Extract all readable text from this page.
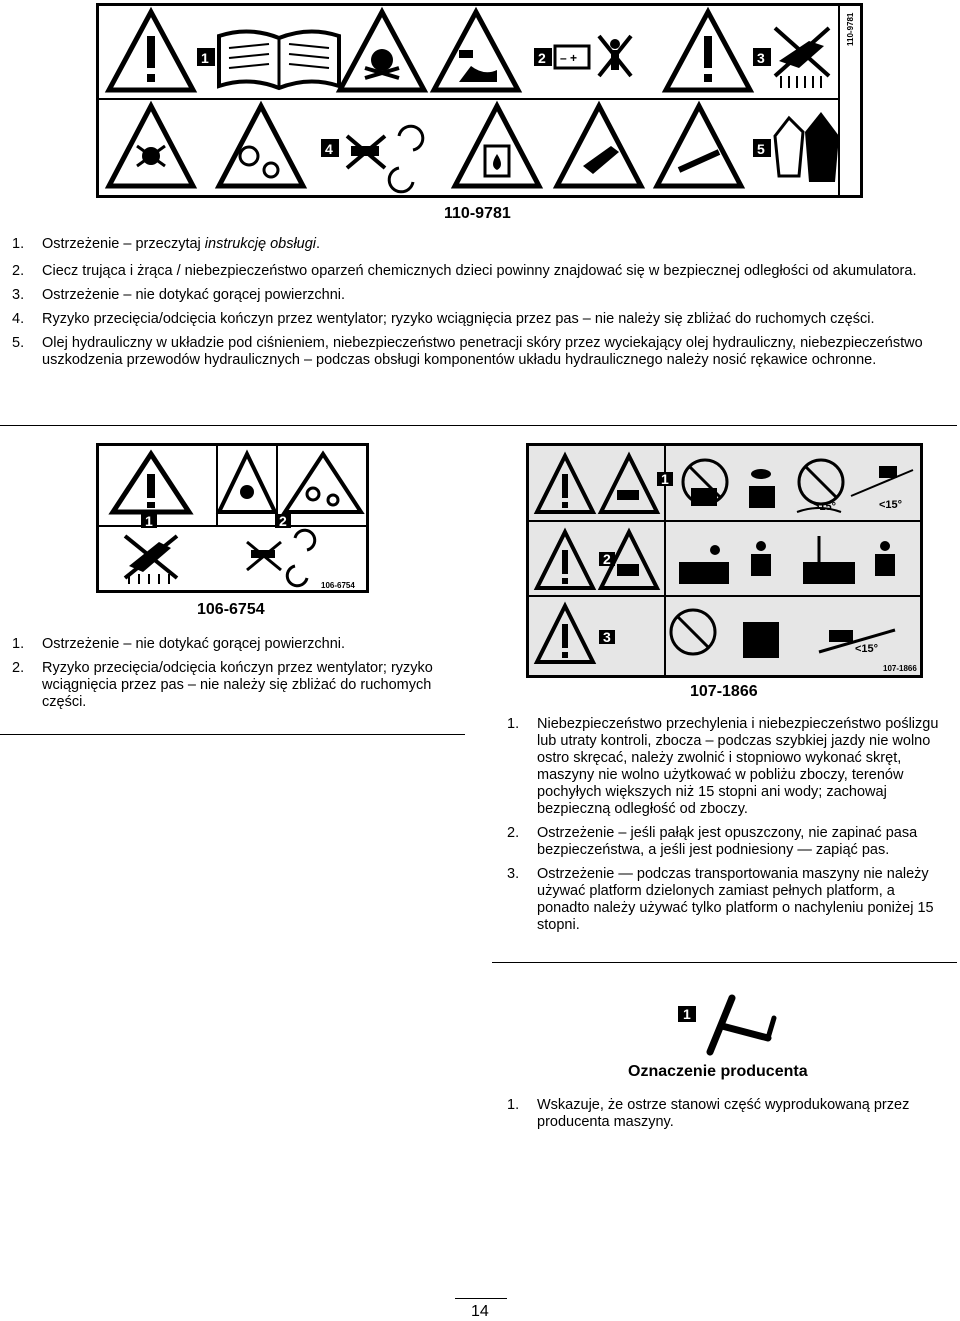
1	2 – +	3
110-9781
4	5
110-9781
1. Ostrzeżenie – przeczytaj instrukcję obsługi.
2. Ciecz trująca i żrąca / niebezpieczeństwo oparzeń chemicznych dzieci powinny znajdować się w bezpiecznej odległości od akumulatora.
3. Ostrzeżenie – nie dotykać gorącej powierzchni.
4. Ryzyko przecięcia/odcięcia kończyn przez wentylator; ryzyko wciągnięcia przez pas – nie należy się zbliżać do ruchomych części.
5. Olej hydrauliczny w układzie pod ciśnieniem, niebezpieczeństwo penetracji skóry przez wyciekający olej hydrauliczny, niebezpieczeństwo uszkodzenia przewodów hydraulicznych – podczas obsługi komponentów układu hydraulicznego należy nosić rękawice ochronne.
1	2
106-6754
106-6754
1. Ostrzeżenie – nie dotykać gorącej powierzchni.
2. Ryzyko przecięcia/odcięcia kończyn przez wentylator; ryzyko wciągnięcia przez pas – nie należy się zbliżać do ruchomych części.
1
>15°	<15°
2
3
<15°
107-1866
107-1866
1. Niebezpieczeństwo przechylenia i niebezpieczeństwo poślizgu lub utraty kontroli, zbocza – podczas szybkiej jazdy nie wolno ostro skręcać, należy zwolnić i stopniowo wykonać skręt, maszyny nie wolno użytkować w pobliżu zboczy, terenów pochyłych większych niż 15 stopni ani wody; zachowaj bezpieczną odległość od zboczy.
2. Ostrzeżenie – jeśli pałąk jest opuszczony, nie zapinać pasa bezpieczeństwa, a jeśli jest podniesiony — zapiąć pas.
3. Ostrzeżenie — podczas transportowania maszyny nie należy używać platform dzielonych zamiast pełnych platform, a ponadto należy używać tylko platform o nachyleniu poniżej 15 stopni.
1
Oznaczenie producenta
1. Wskazuje, że ostrze stanowi część wyprodukowaną przez producenta maszyny.
14
